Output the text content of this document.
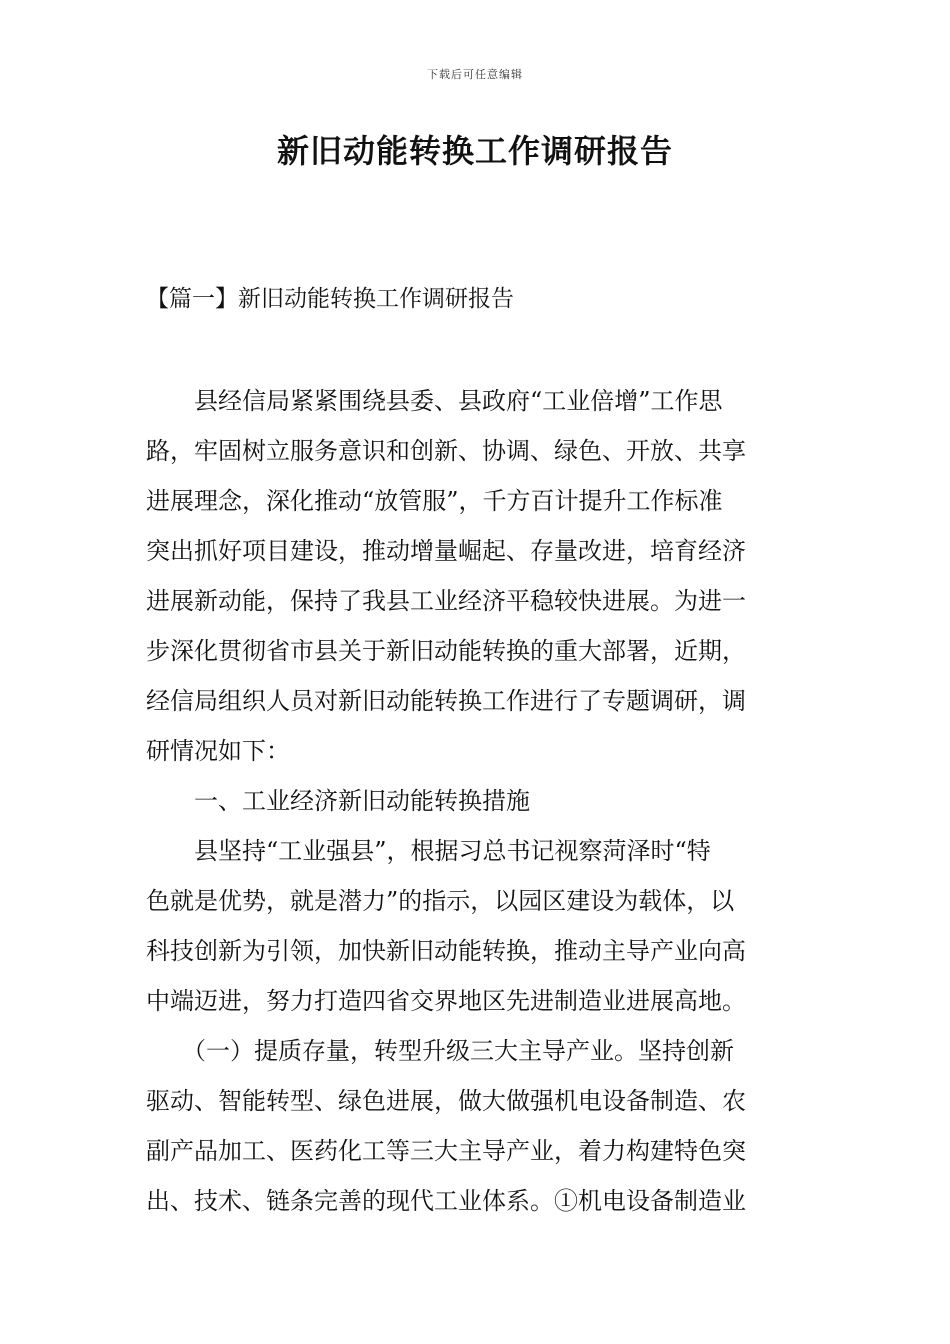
下载后可任意编辑
新旧动能转换工作调研报告
【篇一】新旧动能转换工作调研报告
　　县经信局紧紧围绕县委、县政府“工业倍增”工作思
路，牢固树立服务意识和创新、协调、绿色、开放、共享
进展理念，深化推动“放管服”，千方百计提升工作标准
突出抓好项目建设，推动增量崛起、存量改进，培育经济
进展新动能，保持了我县工业经济平稳较快进展。为进一
步深化贯彻省市县关于新旧动能转换的重大部署，近期，
经信局组织人员对新旧动能转换工作进行了专题调研，调
研情况如下：
　　一、工业经济新旧动能转换措施
　　县坚持“工业强县”，根据习总书记视察菏泽时“特
色就是优势，就是潜力”的指示，以园区建设为载体，以
科技创新为引领，加快新旧动能转换，推动主导产业向高
中端迈进，努力打造四省交界地区先进制造业进展高地。
　　（一）提质存量，转型升级三大主导产业。坚持创新
驱动、智能转型、绿色进展，做大做强机电设备制造、农
副产品加工、医药化工等三大主导产业，着力构建特色突
出、技术、链条完善的现代工业体系。①机电设备制造业
